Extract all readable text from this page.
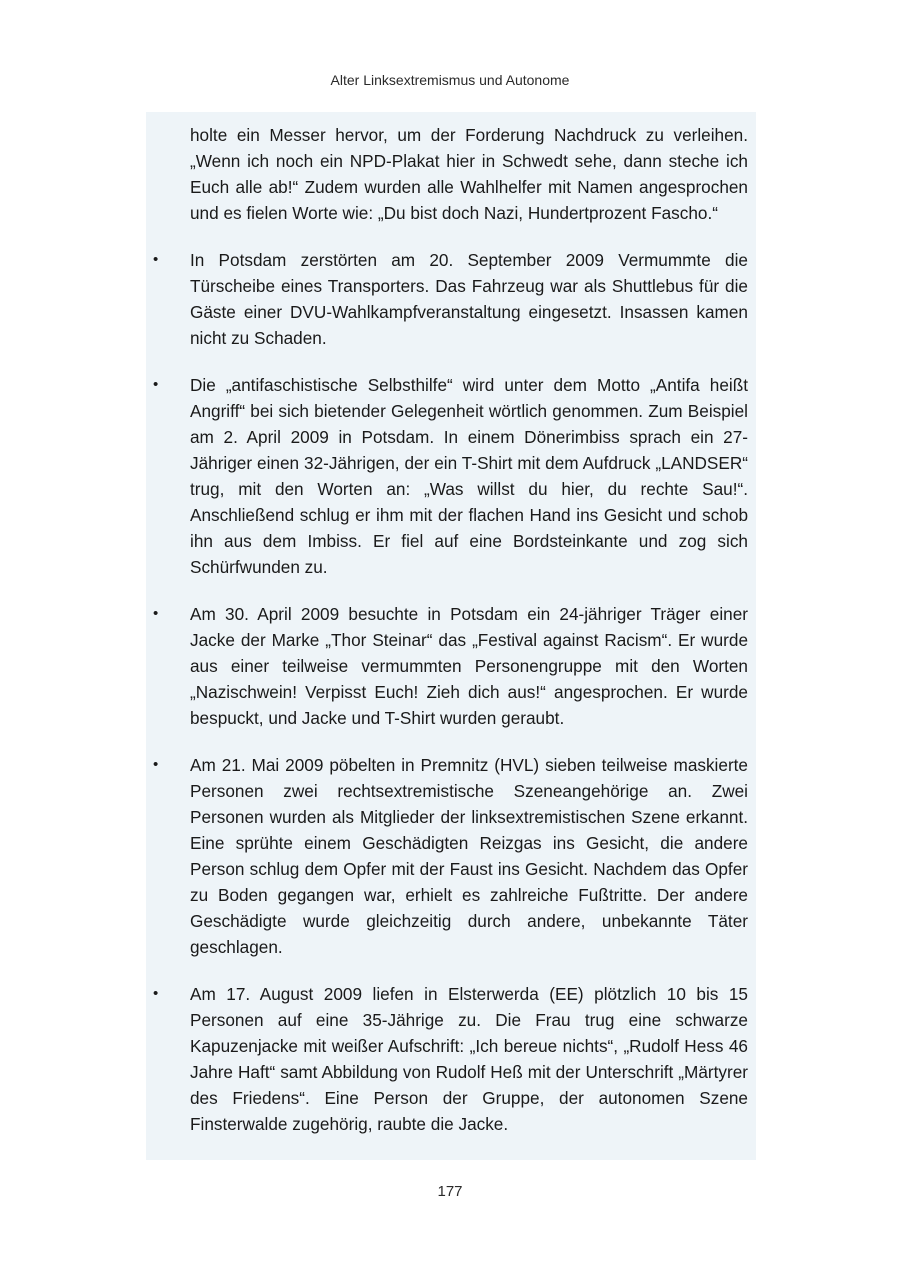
Alter Linksextremismus und Autonome

holte ein Messer hervor, um der Forderung Nachdruck zu verleihen. „Wenn ich noch ein NPD-Plakat hier in Schwedt sehe, dann steche ich Euch alle ab!“ Zudem wurden alle Wahlhelfer mit Namen angesprochen und es fielen Worte wie: „Du bist doch Nazi, Hundertprozent Fascho.“

• In Potsdam zerstörten am 20. September 2009 Vermummte die Türscheibe eines Transporters. Das Fahrzeug war als Shuttlebus für die Gäste einer DVU-Wahlkampfveranstaltung eingesetzt. Insassen kamen nicht zu Schaden.
• Die „antifaschistische Selbsthilfe“ wird unter dem Motto „Antifa heißt Angriff“ bei sich bietender Gelegenheit wörtlich genommen. Zum Beispiel am 2. April 2009 in Potsdam. In einem Dönerimbiss sprach ein 27-Jähriger einen 32-Jährigen, der ein T-Shirt mit dem Aufdruck „LANDSER“ trug, mit den Worten an: „Was willst du hier, du rechte Sau!“. Anschließend schlug er ihm mit der flachen Hand ins Gesicht und schob ihn aus dem Imbiss. Er fiel auf eine Bordsteinkante und zog sich Schürfwunden zu.
• Am 30. April 2009 besuchte in Potsdam ein 24-jähriger Träger einer Jacke der Marke „Thor Steinar“ das „Festival against Racism“. Er wurde aus einer teilweise vermummten Personengruppe mit den Worten „Nazischwein! Verpisst Euch! Zieh dich aus!“ angesprochen. Er wurde bespuckt, und Jacke und T-Shirt wurden geraubt.
• Am 21. Mai 2009 pöbelten in Premnitz (HVL) sieben teilweise maskierte Personen zwei rechtsextremistische Szeneangehörige an. Zwei Personen wurden als Mitglieder der linksextremistischen Szene erkannt. Eine sprühte einem Geschädigten Reizgas ins Gesicht, die andere Person schlug dem Opfer mit der Faust ins Gesicht. Nachdem das Opfer zu Boden gegangen war, erhielt es zahlreiche Fußtritte. Der andere Geschädigte wurde gleichzeitig durch andere, unbekannte Täter geschlagen.
• Am 17. August 2009 liefen in Elsterwerda (EE) plötzlich 10 bis 15 Personen auf eine 35-Jährige zu. Die Frau trug eine schwarze Kapuzenjacke mit weißer Aufschrift: „Ich bereue nichts“, „Rudolf Hess 46 Jahre Haft“ samt Abbildung von Rudolf Heß mit der Unterschrift „Märtyrer des Friedens“. Eine Person der Gruppe, der autonomen Szene Finsterwalde zugehörig, raubte die Jacke.
177
